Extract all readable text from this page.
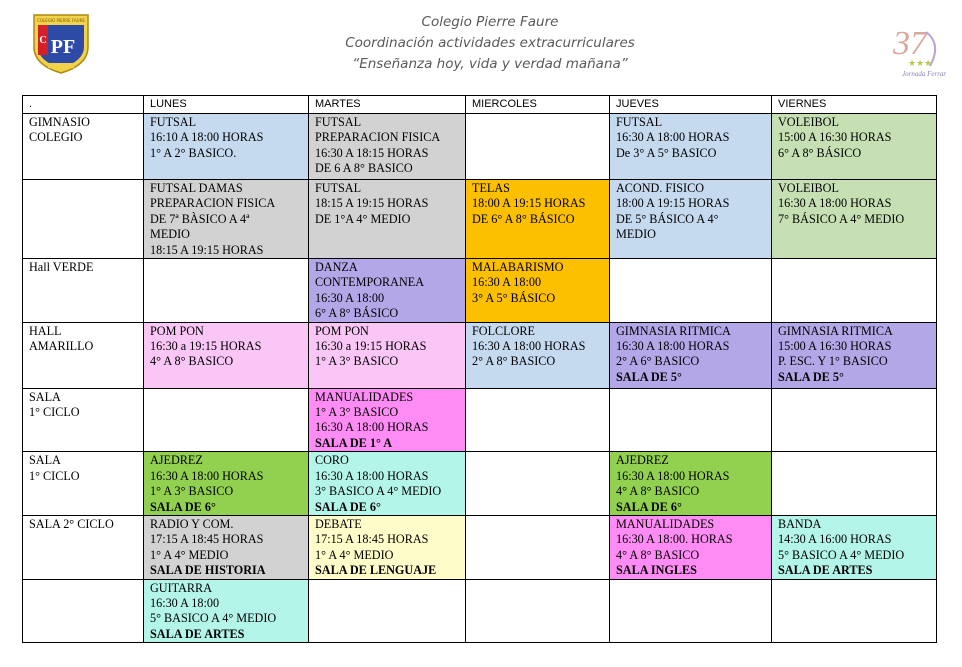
COLEGIO PIERRE FAURE
C PF
Colegio Pierre Faure
Coordinación actividades extracurriculares
“Enseñanza hoy, vida y verdad mañana”
37
★★★
Jornada Ferrar
.	LUNES	MARTES	MIERCOLES	JUEVES	VIERNES

GIMNASIO
COLEGIO	FUTSAL
16:10 A 18:00 HORAS
1° A 2° BASICO.	FUTSAL
PREPARACION FISICA
16:30 A 18:15 HORAS
DE 6 A 8° BASICO		FUTSAL
16:30 A 18:00 HORAS
De 3° A 5° BASICO	VOLEIBOL
15:00 A 16:30 HORAS
6° A 8° BÁSICO

	FUTSAL DAMAS
PREPARACION FISICA
DE 7ª BÀSICO A 4ª
MEDIO
18:15 A 19:15 HORAS	FUTSAL
18:15 A 19:15 HORAS
DE 1°A 4° MEDIO	TELAS
18:00 A 19:15 HORAS
DE 6° A 8° BÁSICO	ACOND. FISICO
18:00 A 19:15 HORAS
DE 5° BÁSICO A 4°
MEDIO	VOLEIBOL
16:30 A 18:00 HORAS
7° BÁSICO A 4° MEDIO

Hall VERDE		DANZA
CONTEMPORANEA
16:30 A 18:00
6° A 8° BÁSICO	MALABARISMO
16:30 A 18:00
3° A 5° BÁSICO		

HALL
AMARILLO	POM PON
16:30 a 19:15 HORAS
4° A 8° BASICO	POM PON
16:30 a 19:15 HORAS
1° A 3° BASICO	FOLCLORE
16:30 A 18:00 HORAS
2° A 8° BASICO	GIMNASIA RITMICA
16:30 A 18:00 HORAS
2° A 6° BASICO
SALA DE 5°	GIMNASIA RITMICA
15:00 A 16:30 HORAS
P. ESC. Y 1° BASICO
SALA DE 5°

SALA
1° CICLO		MANUALIDADES
1° A 3° BASICO
16:30 A 18:00 HORAS
SALA DE 1° A			

SALA
1° CICLO	AJEDREZ
16:30 A 18:00 HORAS
1° A 3° BASICO
SALA DE 6°	CORO
16:30 A 18:00 HORAS
3° BASICO A 4° MEDIO
SALA DE 6°		AJEDREZ
16:30 A 18:00 HORAS
4° A 8° BASICO
SALA DE 6°	

SALA 2° CICLO	RADIO Y COM.
17:15 A 18:45 HORAS
1° A 4° MEDIO
SALA DE HISTORIA	DEBATE
17:15 A 18:45 HORAS
1° A 4° MEDIO
SALA DE LENGUAJE		MANUALIDADES
16:30 A 18:00. HORAS
4° A 8° BASICO
SALA INGLES	BANDA
14:30 A 16:00 HORAS
5° BASICO A 4° MEDIO
SALA DE ARTES

	GUITARRA
16:30 A 18:00
5° BASICO A 4° MEDIO
SALA DE ARTES				
